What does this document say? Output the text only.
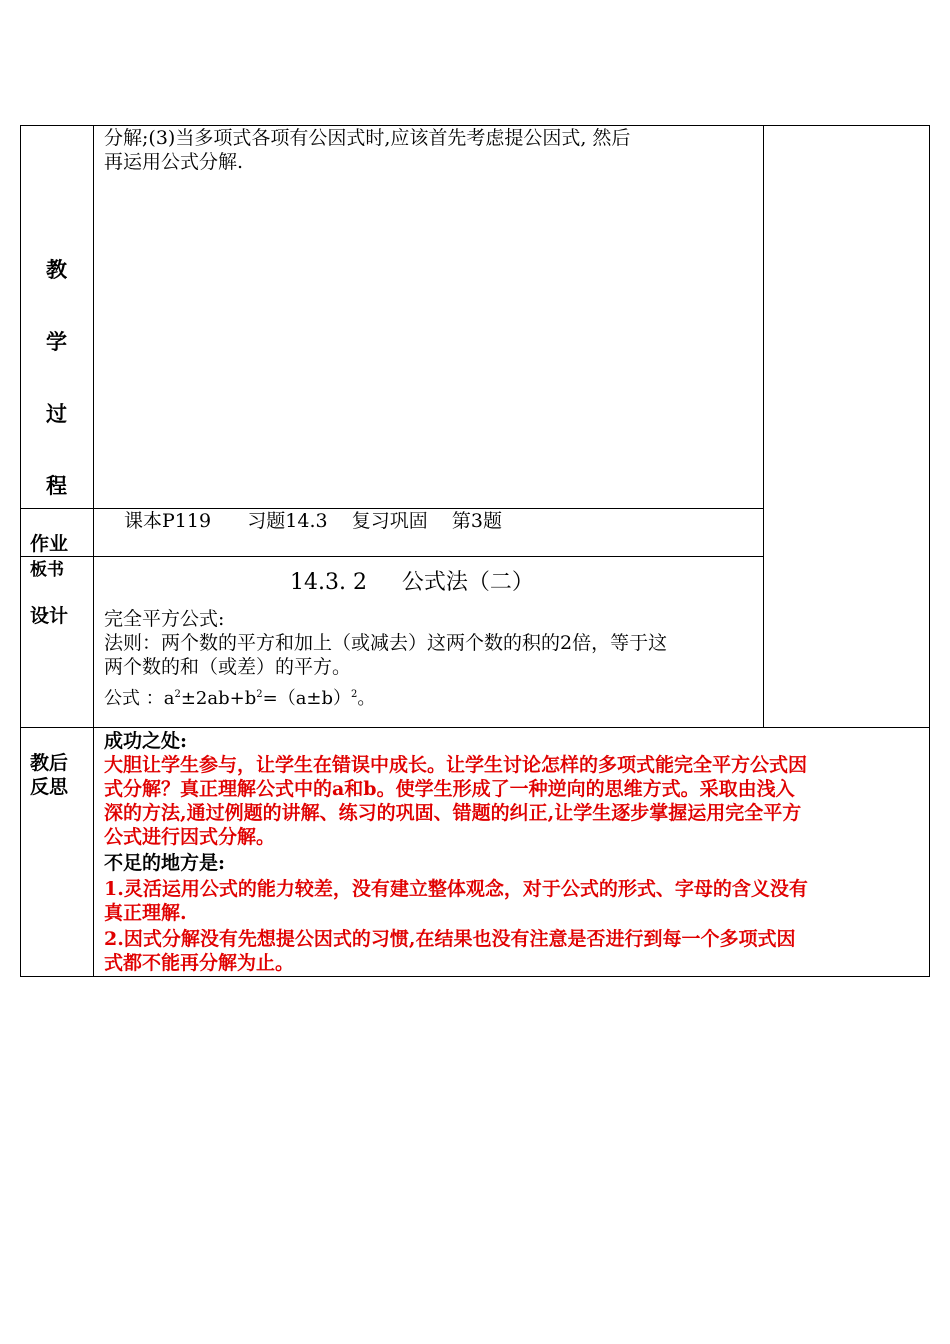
教
学
过
程
分解;(3)当多项式各项有公因式时,应该首先考虑提公因式, 然后
再运用公式分解.
作业
课本P119      习题14.3    复习巩固    第3题
板书
设计
14.3. 2     公式法（二）
完全平方公式:
法则：两个数的平方和加上（或减去）这两个数的积的2倍，等于这
两个数的和（或差）的平方。
公式 ：$a^2\pm 2ab+b^2=(a\pm b)^2$。
教后
反思
成功之处:
大胆让学生参与，让学生在错误中成长。让学生讨论怎样的多项式能完全平方公式因
式分解？真正理解公式中的a和b。使学生形成了一种逆向的思维方式。采取由浅入
深的方法,通过例题的讲解、练习的巩固、错题的纠正,让学生逐步掌握运用完全平方
公式进行因式分解。
不足的地方是:
1.灵活运用公式的能力较差，没有建立整体观念，对于公式的形式、字母的含义没有
真正理解.
2.因式分解没有先想提公因式的习惯,在结果也没有注意是否进行到每一个多项式因
式都不能再分解为止。
